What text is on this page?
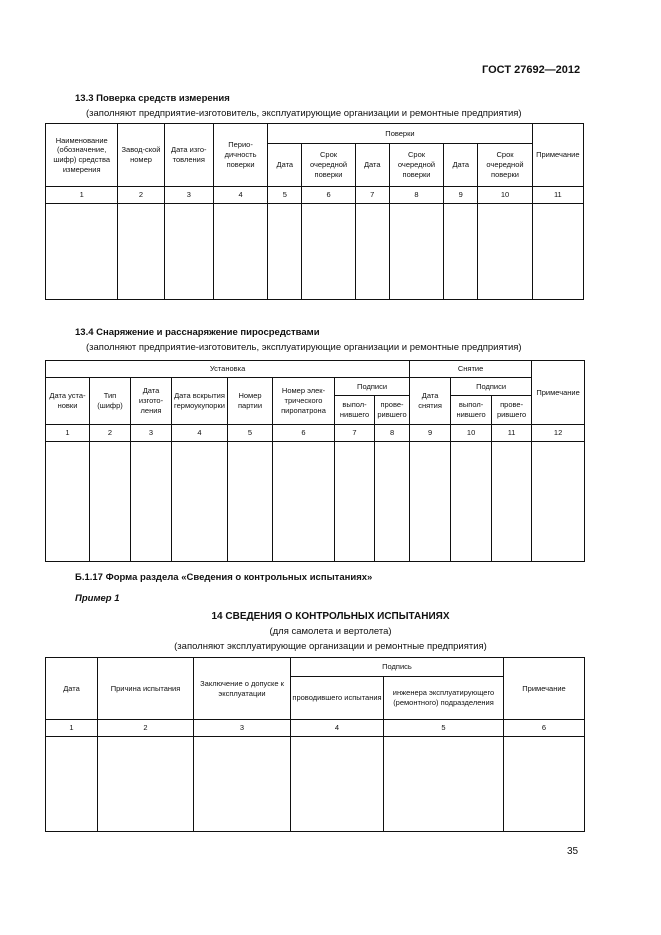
ГОСТ 27692—2012
13.3 Поверка средств измерения
(заполняют предприятие-изготовитель, эксплуатирующие организации и ремонтные предприятия)
Наименование (обозначение, шифр) средства измерения	Завод-ской номер	Дата изготовления	Периодичность поверки	Поверки						Примечание
				Дата	Срок очередной поверки	Дата	Срок очередной поверки	Дата	Срок очередной поверки	
1	2	3	4	5	6	7	8	9	10	11

13.4 Снаряжение и расснаряжение пиросредствами
(заполняют предприятие-изготовитель, эксплуатирующие организации и ремонтные предприятия)
Установка								Снятие			Примечание
Дата установки	Тип (шифр)	Дата изготоления	Дата вскрытия гермоукупорки	Номер партии	Номер электрического пиропатрона	Подписи		Дата снятия	Подписи		
						выполнившего	проверившего		выполнившего	проверившего	
1	2	3	4	5	6	7	8	9	10	11	12

Б.1.17 Форма раздела «Сведения о контрольных испытаниях»
Пример 1
14 СВЕДЕНИЯ О КОНТРОЛЬНЫХ ИСПЫТАНИЯХ
(для самолета и вертолета)
(заполняют эксплуатирующие организации и ремонтные предприятия)
Дата	Причина испытания	Заключение о допуске к эксплуатации	Подпись		Примечание
			проводившего испытания	инженера эксплуатирующего (ремонтного) подразделения	
1	2	3	4	5	6

35
